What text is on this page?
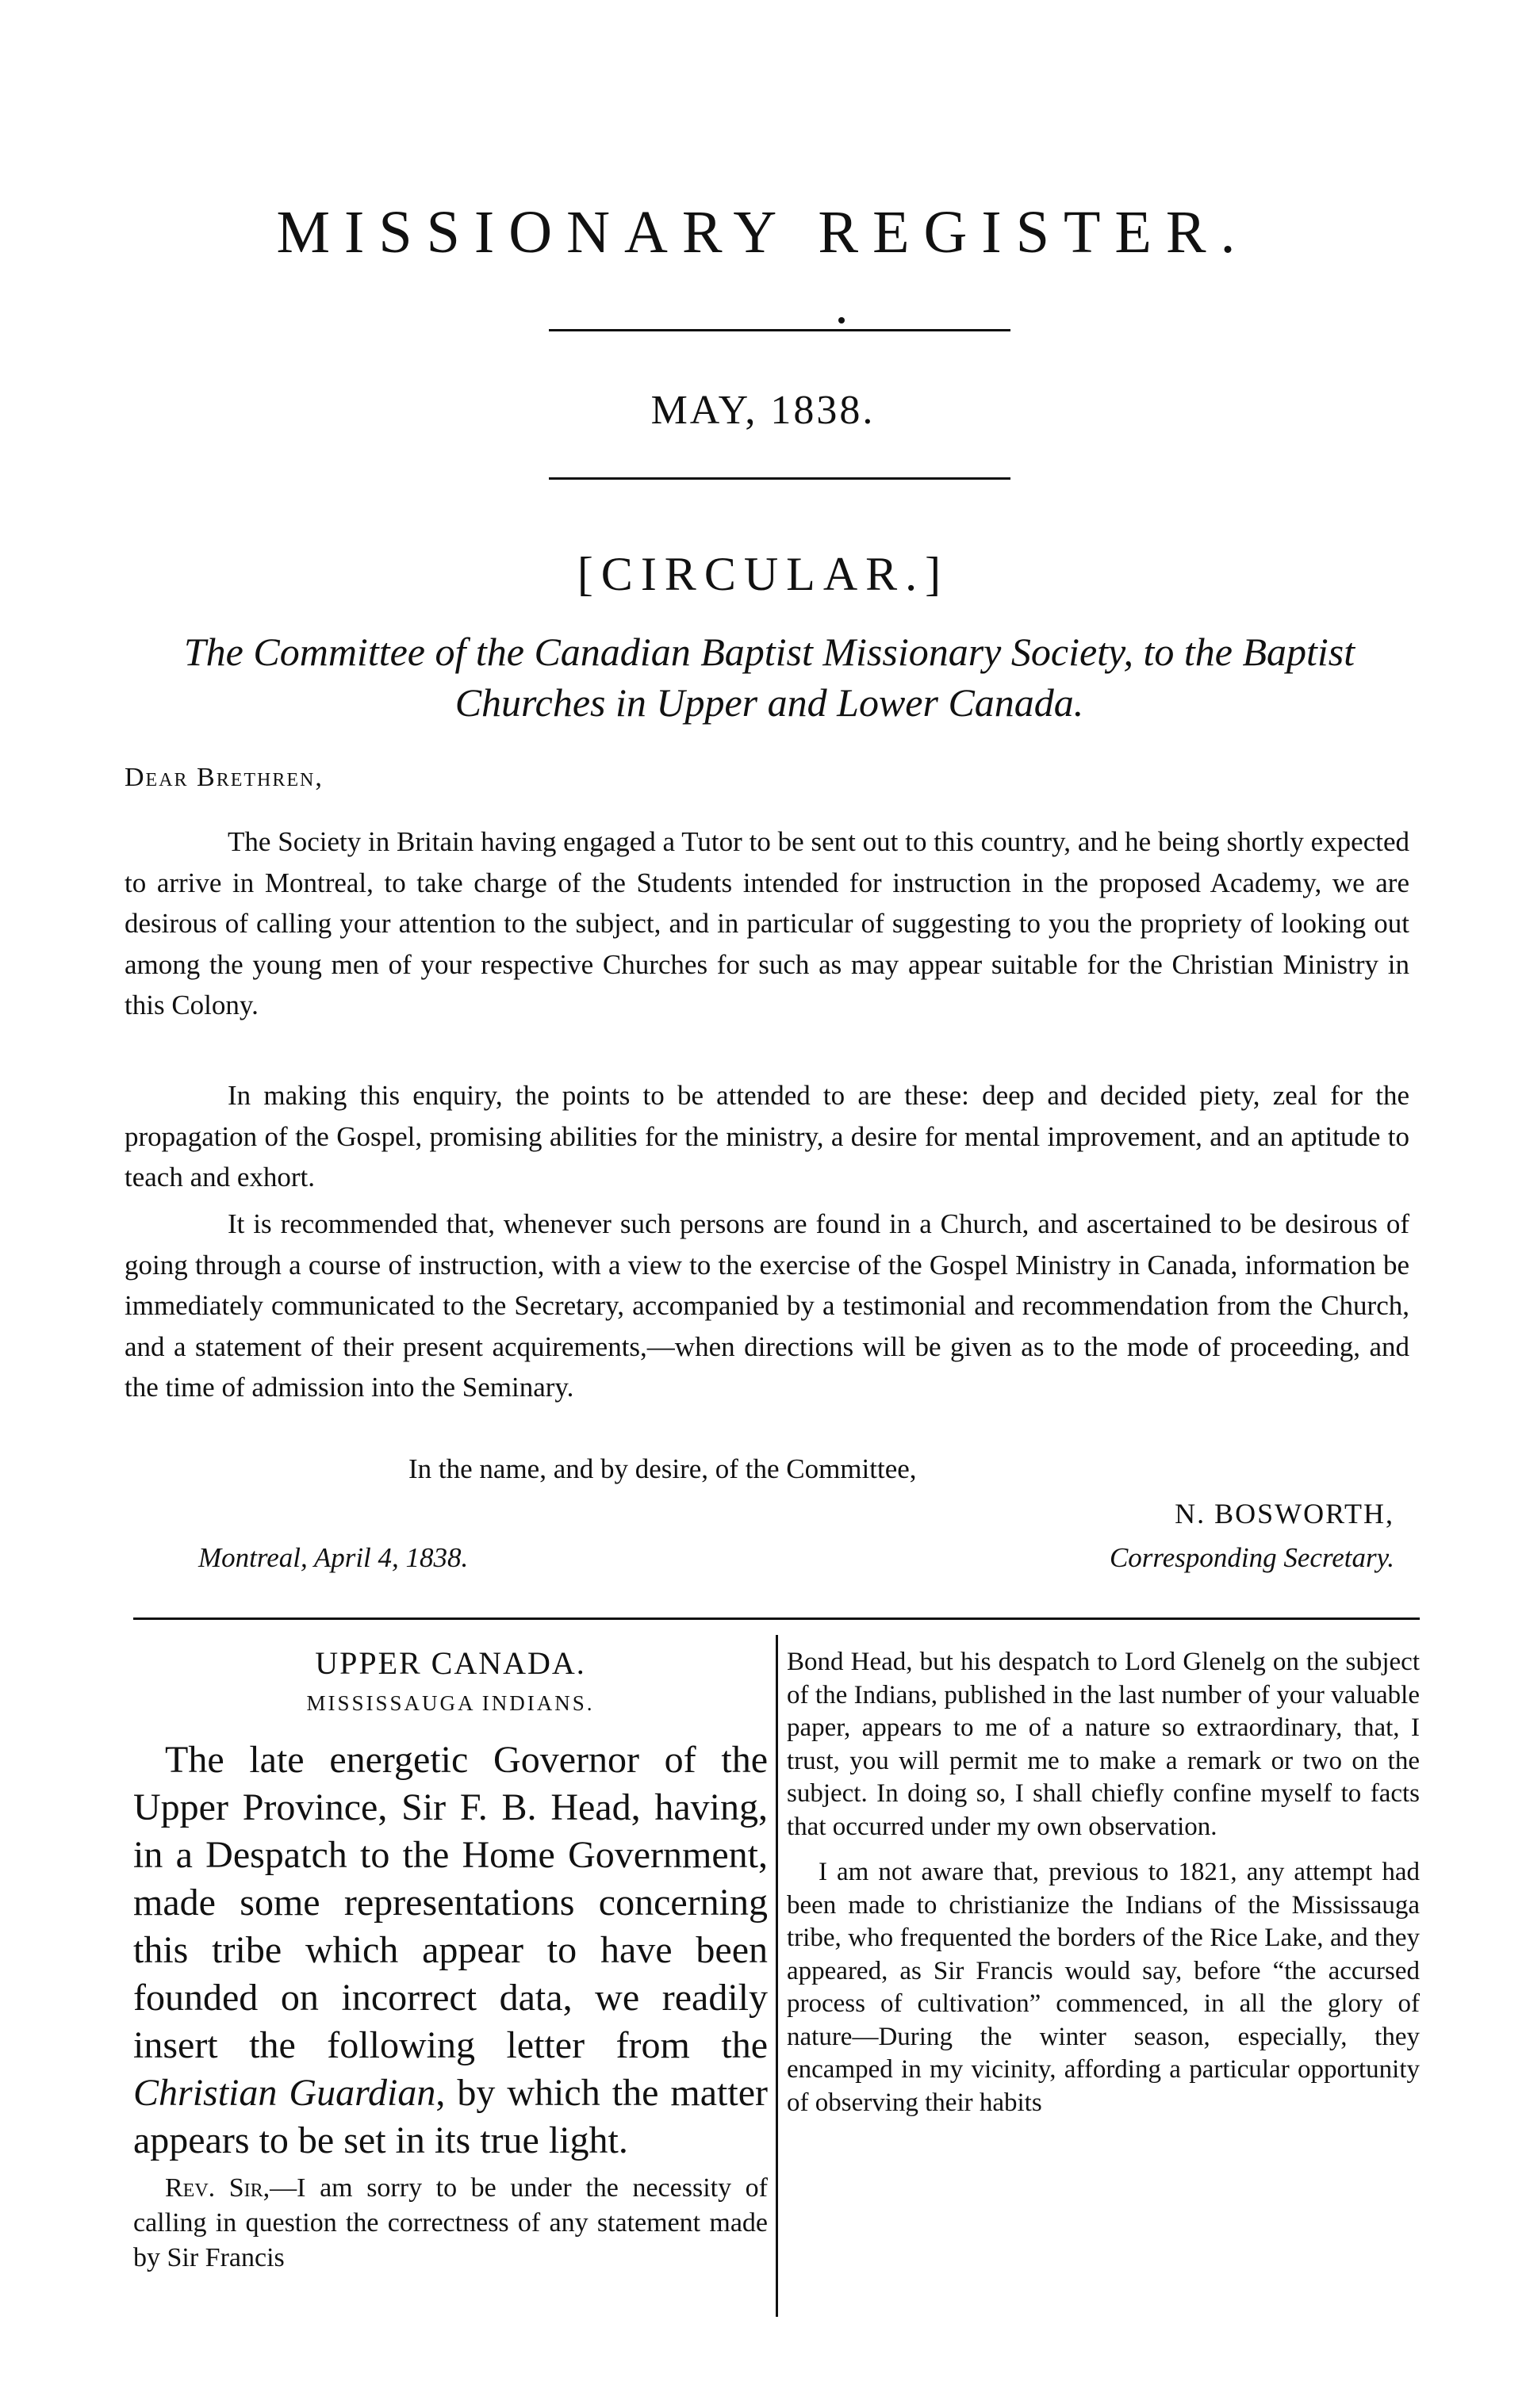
MISSIONARY REGISTER.
MAY, 1838.
[CIRCULAR.]
The Committee of the Canadian Baptist Missionary Society, to the Baptist
Churches in Upper and Lower Canada.
Dear Brethren,

The Society in Britain having engaged a Tutor to be sent out to this country, and he being shortly expected to arrive in Montreal, to take charge of the Students intended for instruction in the proposed Academy, we are desirous of calling your attention to the subject, and in particular of suggesting to you the propriety of looking out among the young men of your respective Churches for such as may appear suitable for the Christian Ministry in this Colony.

In making this enquiry, the points to be attended to are these: deep and decided piety, zeal for the propagation of the Gospel, promising abilities for the ministry, a desire for mental improvement, and an aptitude to teach and exhort.

It is recommended that, whenever such persons are found in a Church, and ascertained to be desirous of going through a course of instruction, with a view to the exercise of the Gospel Ministry in Canada, information be immediately communicated to the Secretary, accompanied by a testimonial and recommendation from the Church, and a statement of their present acquirements,—when directions will be given as to the mode of proceeding, and the time of admission into the Seminary.

In the name, and by desire, of the Committee,
N. BOSWORTH,
Montreal, April 4, 1838.	Corresponding Secretary.
UPPER CANADA.
MISSISSAUGA INDIANS.

The late energetic Governor of the Upper Province, Sir F. B. Head, having, in a Despatch to the Home Government, made some representations concerning this tribe which appear to have been founded on incorrect data, we readily insert the following letter from the Christian Guardian, by which the matter appears to be set in its true light.

Rev. Sir,—I am sorry to be under the necessity of calling in question the correctness of any statement made by Sir Francis

Bond Head, but his despatch to Lord Glenelg on the subject of the Indians, published in the last number of your valuable paper, appears to me of a nature so extraordinary, that, I trust, you will permit me to make a remark or two on the subject. In doing so, I shall chiefly confine myself to facts that occurred under my own observation.

I am not aware that, previous to 1821, any attempt had been made to christianize the Indians of the Mississauga tribe, who frequented the borders of the Rice Lake, and they appeared, as Sir Francis would say, before “the accursed process of cultivation” commenced, in all the glory of nature—During the winter season, especially, they encamped in my vicinity, affording a particular opportunity of observing their habits
